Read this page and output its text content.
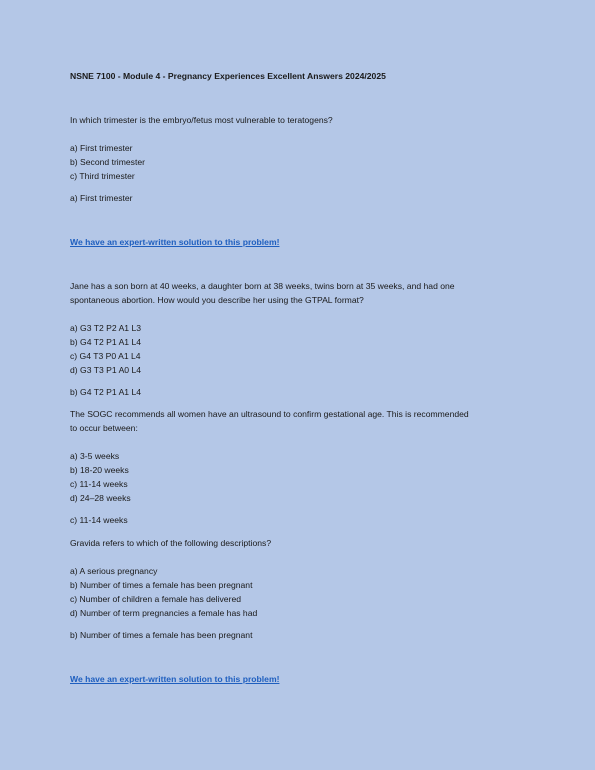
NSNE 7100 - Module 4 - Pregnancy Experiences Excellent Answers 2024/2025
In which trimester is the embryo/fetus most vulnerable to teratogens?
a) First trimester
b) Second trimester
c) Third trimester
a) First trimester
We have an expert-written solution to this problem!
Jane has a son born at 40 weeks, a daughter born at 38 weeks, twins born at 35 weeks, and had one
spontaneous abortion. How would you describe her using the GTPAL format?
a) G3 T2 P2 A1 L3
b) G4 T2 P1 A1 L4
c) G4 T3 P0 A1 L4
d) G3 T3 P1 A0 L4
b) G4 T2 P1 A1 L4
The SOGC recommends all women have an ultrasound to confirm gestational age. This is recommended
to occur between:
a) 3-5 weeks
b) 18-20 weeks
c) 11-14 weeks
d) 24–28 weeks
c) 11-14 weeks
Gravida refers to which of the following descriptions?
a) A serious pregnancy
b) Number of times a female has been pregnant
c) Number of children a female has delivered
d) Number of term pregnancies a female has had
b) Number of times a female has been pregnant
We have an expert-written solution to this problem!
